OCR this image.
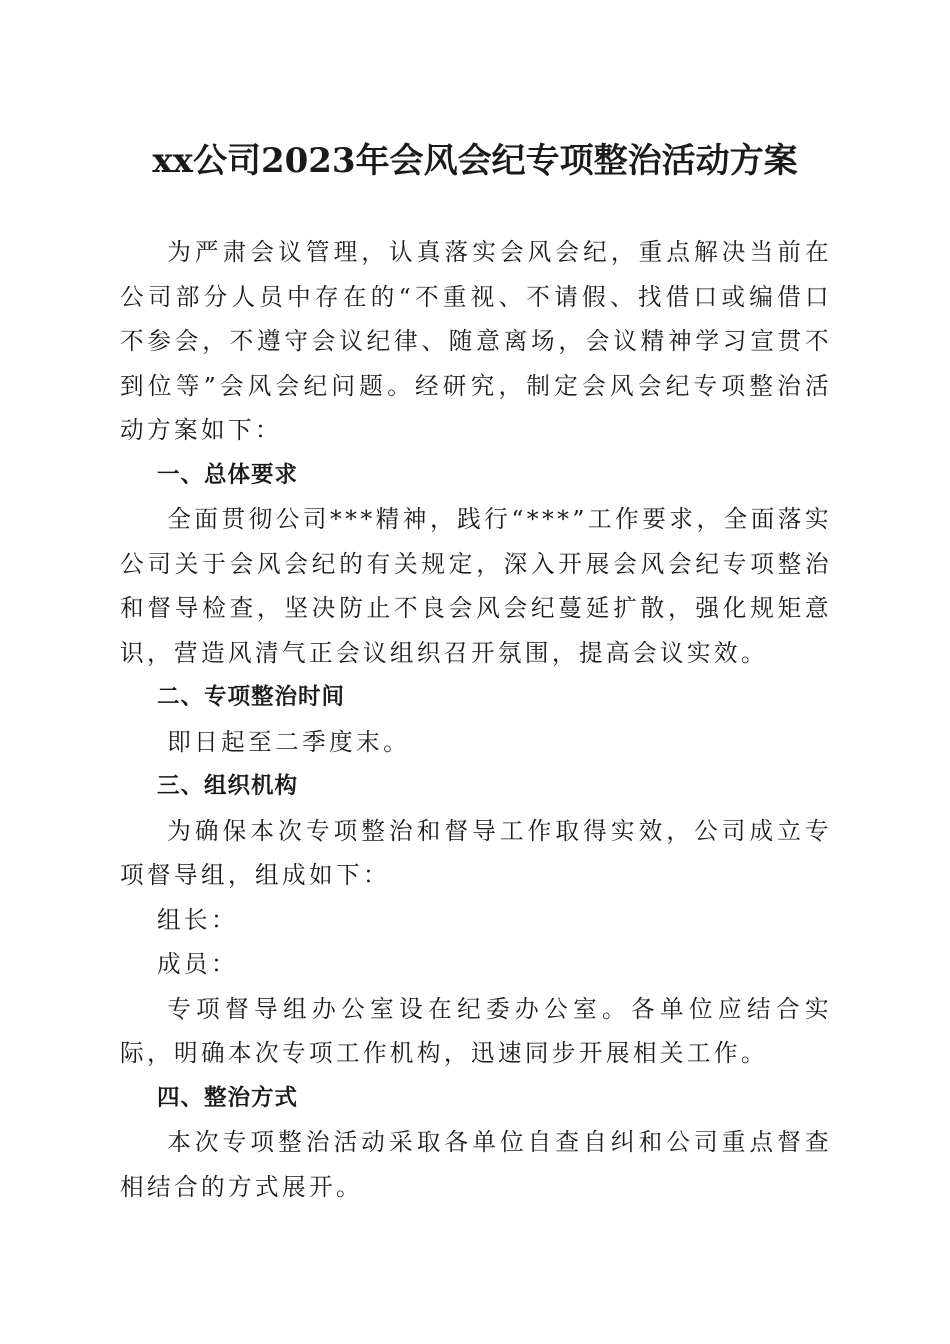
xx公司2023年会风会纪专项整治活动方案

为严肃会议管理，认真落实会风会纪，重点解决当前在公司部分人员中存在的“不重视、不请假、找借口或编借口不参会，不遵守会议纪律、随意离场，会议精神学习宣贯不到位等”会风会纪问题。经研究，制定会风会纪专项整治活动方案如下：

一、总体要求

全面贯彻公司***精神，践行“***”工作要求，全面落实公司关于会风会纪的有关规定，深入开展会风会纪专项整治和督导检查，坚决防止不良会风会纪蔓延扩散，强化规矩意识，营造风清气正会议组织召开氛围，提高会议实效。

二、专项整治时间

即日起至二季度末。

三、组织机构

为确保本次专项整治和督导工作取得实效，公司成立专项督导组，组成如下：

组长：
成员：

专项督导组办公室设在纪委办公室。各单位应结合实际，明确本次专项工作机构，迅速同步开展相关工作。

四、整治方式

本次专项整治活动采取各单位自查自纠和公司重点督查相结合的方式展开。
